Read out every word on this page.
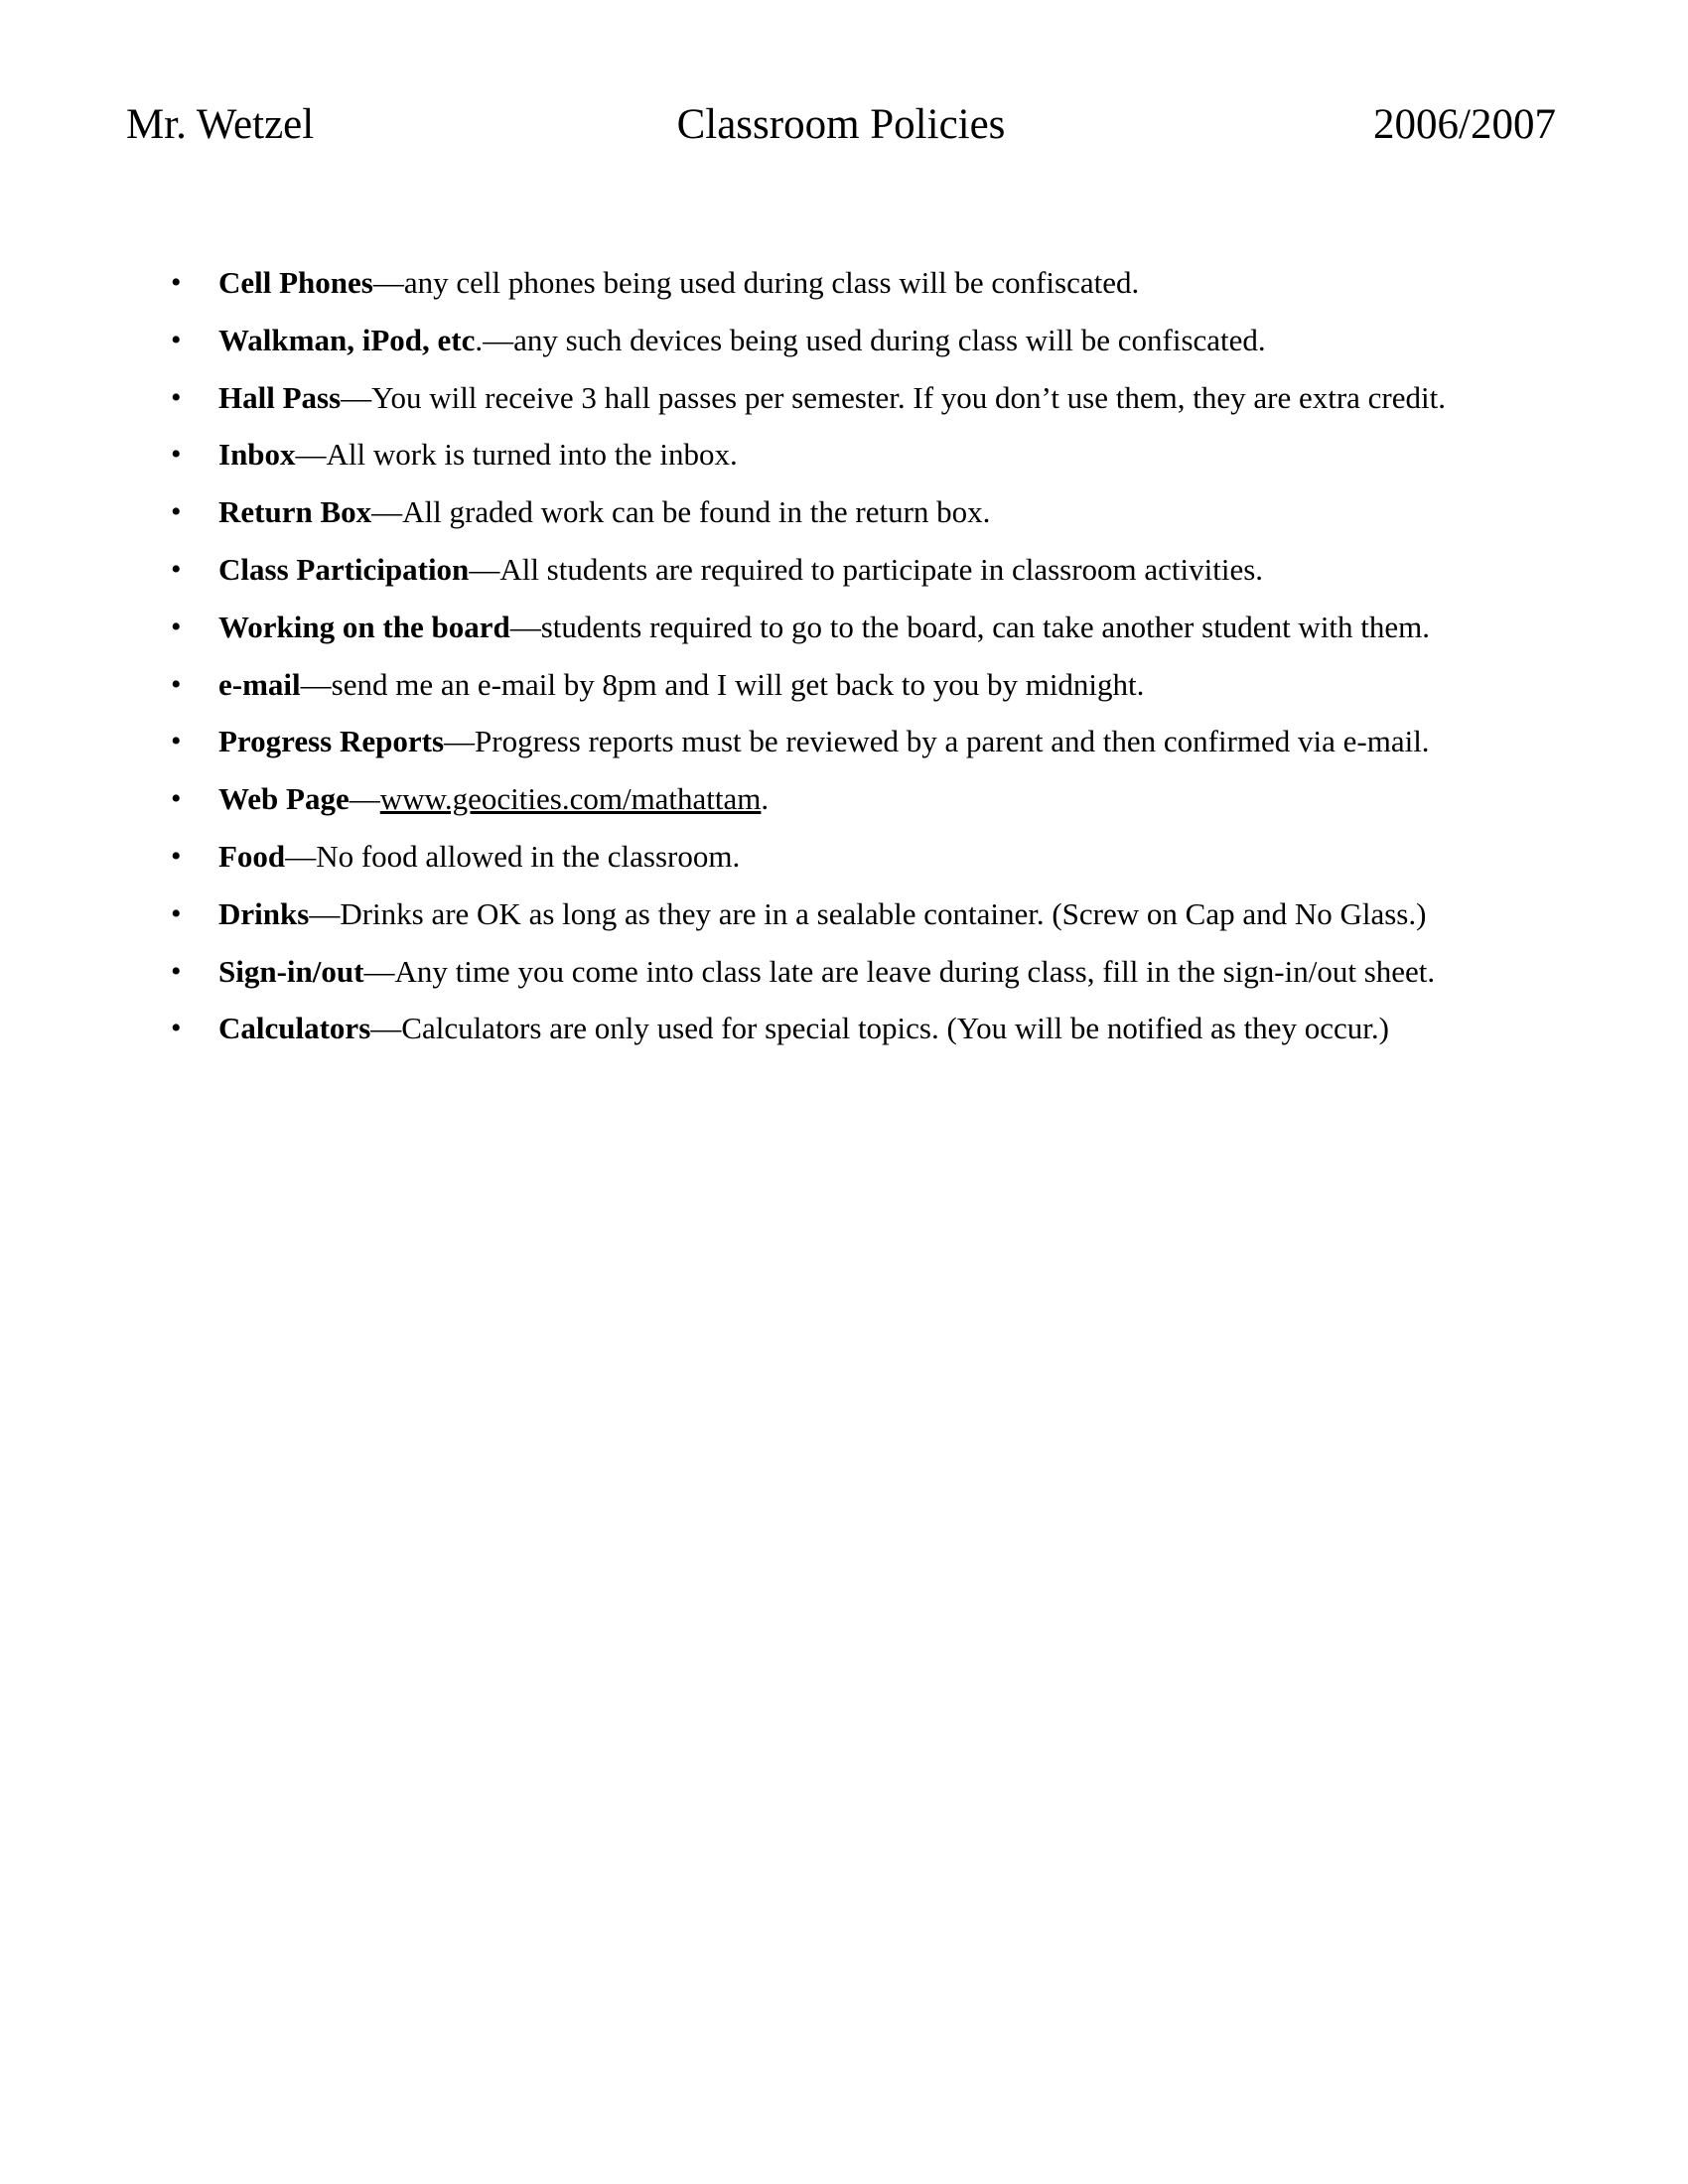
Mr. Wetzel	Classroom Policies	2006/2007
• Cell Phones—any cell phones being used during class will be confiscated.
• Walkman, iPod, etc.—any such devices being used during class will be confiscated.
• Hall Pass—You will receive 3 hall passes per semester. If you don’t use them, they are extra credit.
• Inbox—All work is turned into the inbox.
• Return Box—All graded work can be found in the return box.
• Class Participation—All students are required to participate in classroom activities.
• Working on the board—students required to go to the board, can take another student with them.
• e-mail—send me an e-mail by 8pm and I will get back to you by midnight.
• Progress Reports—Progress reports must be reviewed by a parent and then confirmed via e-mail.
• Web Page—www.geocities.com/mathattam.
• Food—No food allowed in the classroom.
• Drinks—Drinks are OK as long as they are in a sealable container. (Screw on Cap and No Glass.)
• Sign-in/out—Any time you come into class late are leave during class, fill in the sign-in/out sheet.
• Calculators—Calculators are only used for special topics. (You will be notified as they occur.)
